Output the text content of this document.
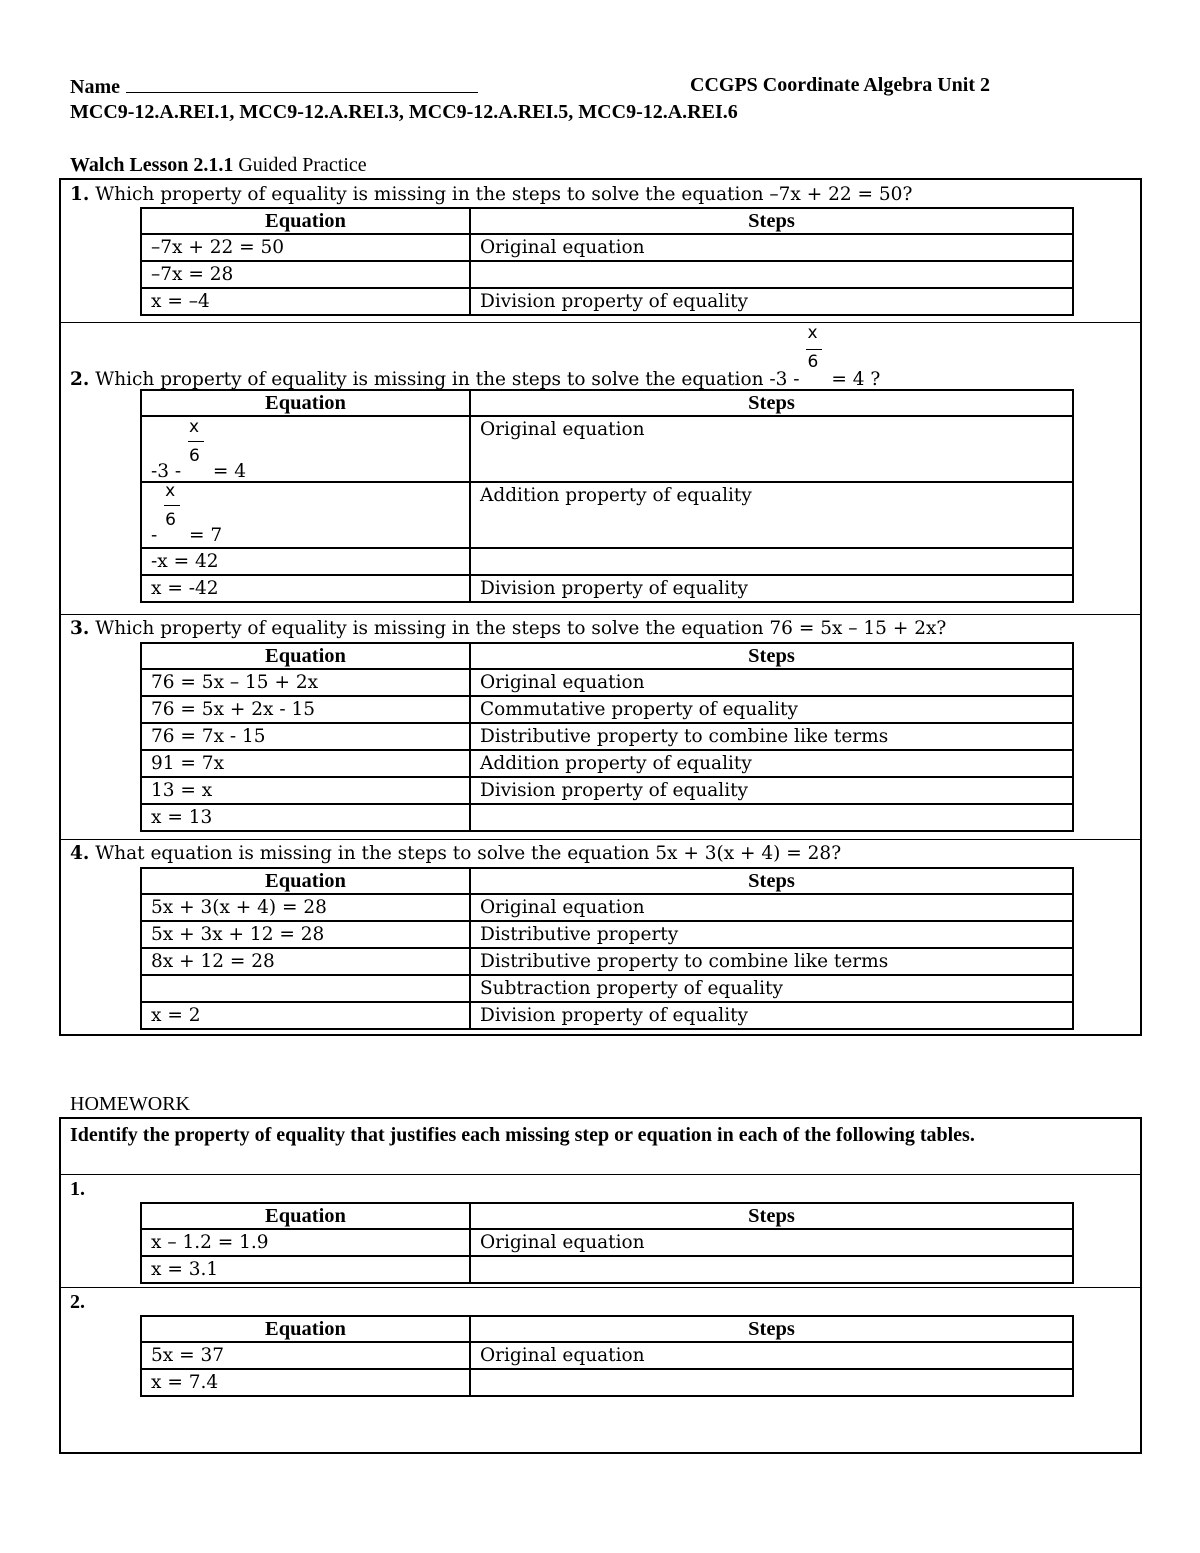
Name	CCGPS Coordinate Algebra Unit 2
MCC9-12.A.REI.1, MCC9-12.A.REI.3, MCC9-12.A.REI.5, MCC9-12.A.REI.6
Walch Lesson 2.1.1 Guided Practice
1. Which property of equality is missing in the steps to solve the equation –7x + 22 = 50?
Equation	Steps
–7x + 22 = 50	Original equation
–7x = 28	
x = –4	Division property of equality
2. Which property of equality is missing in the steps to solve the equation $-3 - \frac{x}{6} = 4$ ?
Equation	Steps

$-3 - \frac{x}{6} = 4$	Original equation

- $\frac{x}{6} = 7$	Addition property of equality
-x = 42	
x = -42	Division property of equality
3. Which property of equality is missing in the steps to solve the equation 76 = 5x – 15 + 2x?
Equation	Steps
76 = 5x – 15 + 2x	Original equation
76 = 5x + 2x - 15	Commutative property of equality
76 = 7x - 15	Distributive property to combine like terms
91 = 7x	Addition property of equality
13 = x	Division property of equality
x = 13	
4. What equation is missing in the steps to solve the equation 5x + 3(x + 4) = 28?
Equation	Steps
5x + 3(x + 4) = 28	Original equation
5x + 3x + 12 = 28	Distributive property
8x + 12 = 28	Distributive property to combine like terms
	Subtraction property of equality
x = 2	Division property of equality
HOMEWORK
Identify the property of equality that justifies each missing step or equation in each of the following tables.
1.
Equation	Steps
x – 1.2 = 1.9	Original equation
x = 3.1	
2.
Equation	Steps
5x = 37	Original equation
x = 7.4	
